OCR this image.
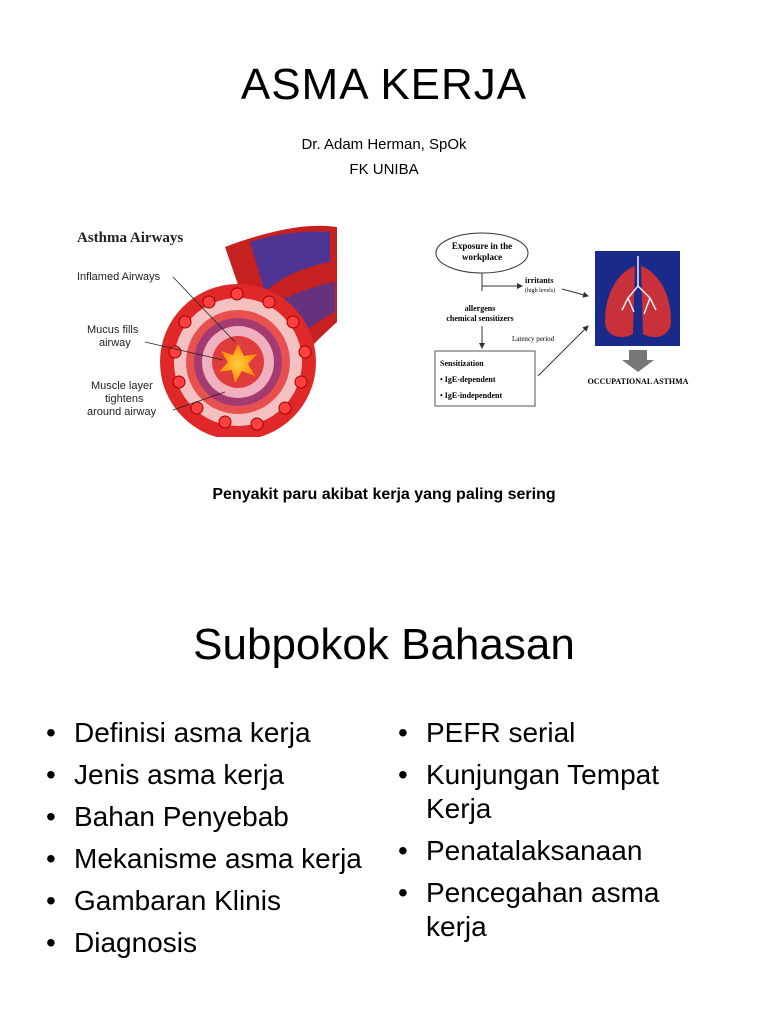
ASMA KERJA
Dr. Adam Herman, SpOk
FK UNIBA
Asthma Airways
Inflamed Airways
Mucus fills
airway
Muscle layer
tightens
around airway
Exposure in the
workplace
irritants
(high levels)
allergens
chemical sensitizers
Latency period
Sensitization
• IgE-dependent
• IgE-independent
OCCUPATIONAL ASTHMA
Penyakit paru akibat kerja yang paling sering
Subpokok Bahasan
• Definisi asma kerja
• Jenis asma kerja
• Bahan Penyebab
• Mekanisme asma kerja
• Gambaran Klinis
• Diagnosis
• PEFR serial
• Kunjungan Tempat Kerja
• Penatalaksanaan
• Pencegahan asma kerja
